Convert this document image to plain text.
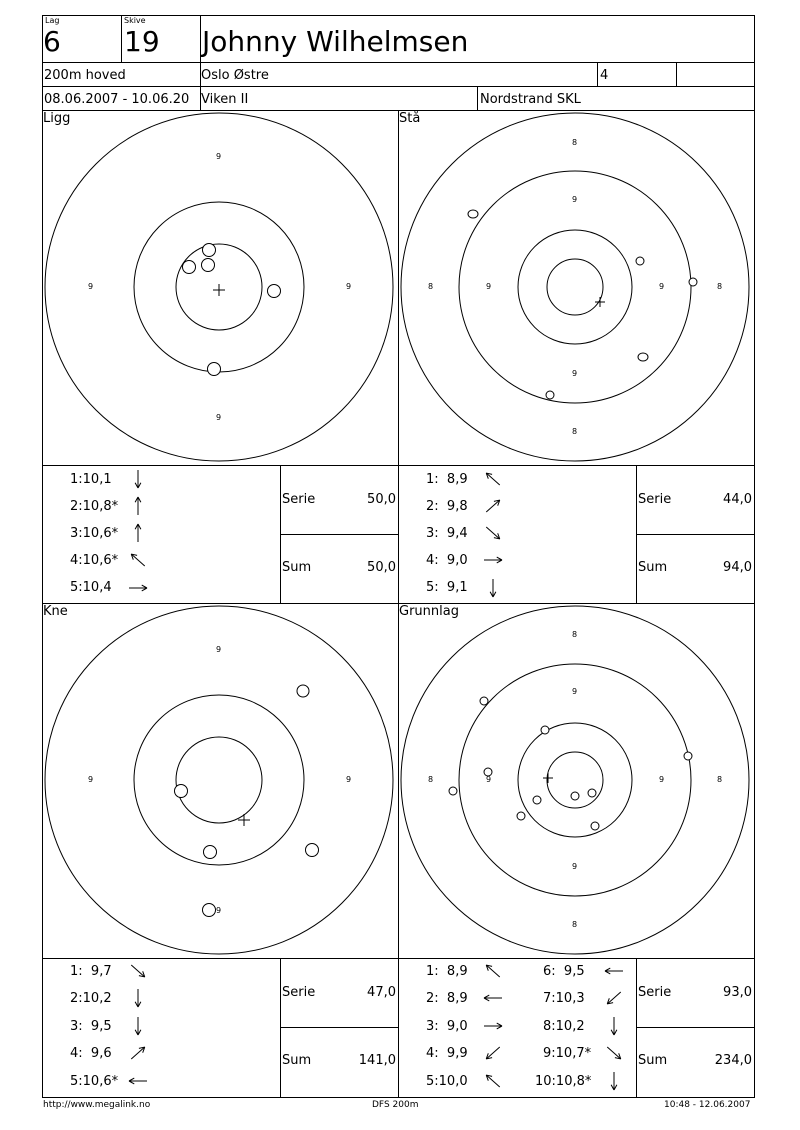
Lag
6
Skive
19 Johnny Wilhelmsen
200m hoved	Oslo Østre	4
08.06.2007 - 10.06.20 Viken II	Nordstrand SKL
Ligg	Stå
Kne	Grunnlag
9
9	9
9
8
8	8
8
9
9	9
9
9
9	9
9
8
8	8
8
9
9	9
9
1:10,1
2:10,8*
3:10,6*
4:10,6*
5:10,4
1: 8,9
2: 9,8
3: 9,4
4: 9,0
5: 9,1
1: 9,7
2:10,2
3: 9,5
4: 9,6
5:10,6*
1: 8,9
2: 8,9
3: 9,0
4: 9,9
5:10,0
6: 9,5
7:10,3
8:10,2
9:10,7*
10:10,8*
Serie	50,0
Sum	50,0
Serie	44,0
Sum	94,0
Serie	47,0
Sum	141,0
Serie	93,0
Sum	234,0
http://www.megalink.no	DFS 200m	10:48 - 12.06.2007
